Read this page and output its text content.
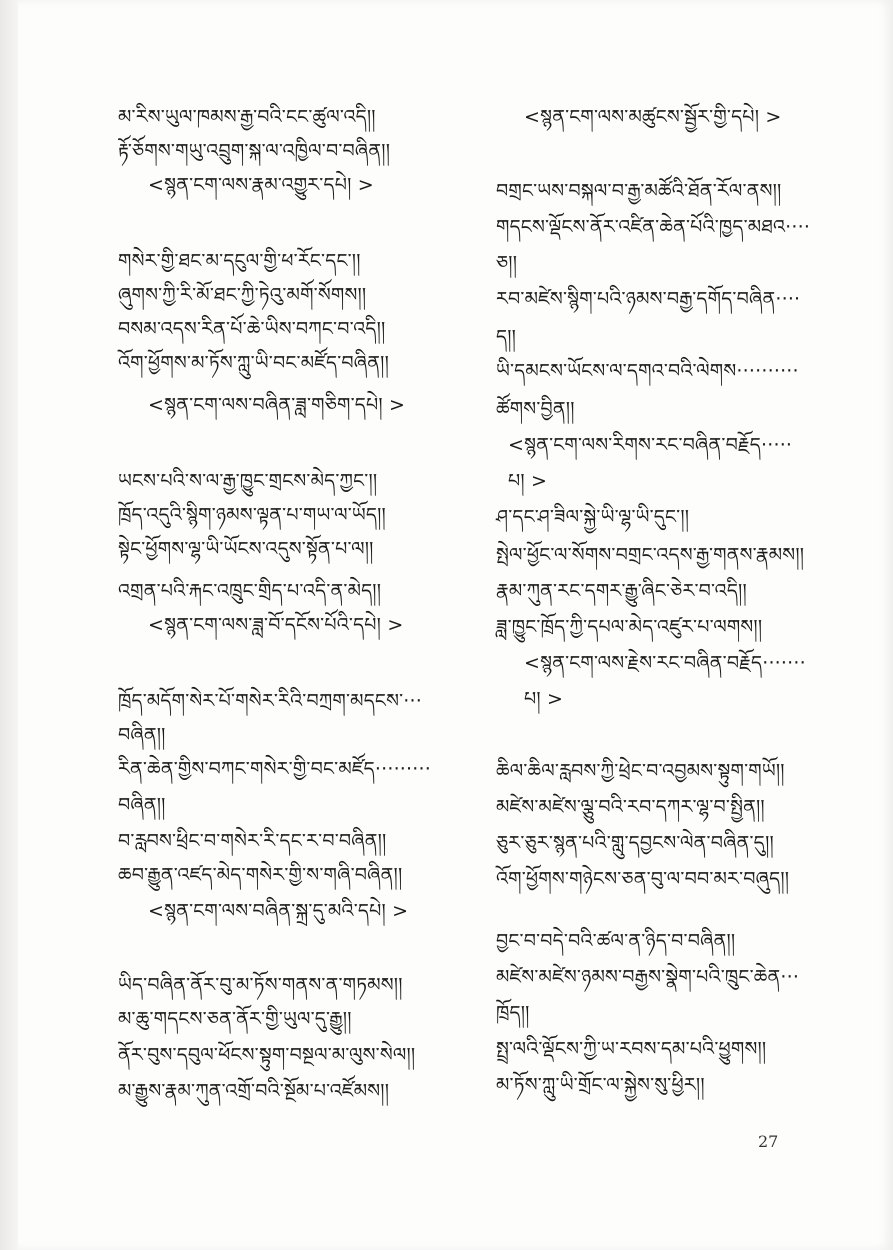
མ་རིས་ཡུལ་ཁམས་རྒྱ་བའི་ངང་ཚུལ་འདི།།
རྟོ་ཅོགས་གཡུ་འབྲུག་སྐ་ལ་འཁྱིལ་བ་བཞིན།།
<སྙན་ངག་ལས་རྣམ་འགྱུར་དཔེ། >
གསེར་གྱི་ཐང་མ་དངུལ་གྱི་ཕ་རོང་དང་།།
ཞུགས་ཀྱི་རི་མོ་ཐང་ཀྱི་ཏེའུ་མགོ་སོགས།།
བསམ་འདས་རིན་པོ་ཆེ་ཡིས་བཀང་བ་འདི།།
འོག་ཕྱོགས་མ་ཏོས་ཀླུ་ཡི་བང་མཛོད་བཞིན།།
<སྙན་ངག་ལས་བཞིན་ཟླ་གཅིག་དཔེ། >
ཡངས་པའི་ས་ལ་རྒྱ་ཁྱུང་གྲངས་མེད་ཀྱང་།།
ཁྲོད་འདུའི་སྙིག་ཉམས་ལྟན་པ་གཡ་ལ་ཡོད།།
སྟེང་ཕྱོགས་ལྷ་ཡི་ཡོངས་འདུས་སྟོན་པ་ལ།།
འགྲན་པའི་རྐང་འཁྲུང་གྲིད་པ་འདི་ན་མེད།།
<སྙན་ངག་ལས་ཟླ་བོ་དངོས་པོའི་དཔེ། >
ཁྲོད་མདོག་སེར་པོ་གསེར་རིའི་བཀྲག་མདངས་···
བཞིན།།
རིན་ཆེན་གྱིས་བཀང་གསེར་གྱི་བང་མཛོད·········
བཞིན།།
བ་རླབས་ཕྲིང་བ་གསེར་རི་དང་ར་བ་བཞིན།།
ཆབ་རྒྱུན་འཛད་མེད་གསེར་གྱི་ས་གཞི་བཞིན།།
<སྙན་ངག་ལས་བཞིན་སྐྲ་དུ་མའི་དཔེ། >
ཡིད་བཞིན་ནོར་བུ་མ་ཏོས་གནས་ན་གཏམས།།
མ་ཆུ་གདངས་ཅན་ནོར་གྱི་ཡུལ་དུ་རྒྱུ།།
ནོར་བུས་དབུལ་ཕོངས་སྟུག་བསྔལ་མ་ལུས་སེལ།།
མ་རྒྱུས་རྣམ་ཀུན་འགྲོ་བའི་སྔོམ་པ་འཛོམས།།
<སྙན་ངག་ལས་མཚུངས་སྦྱོར་གྱི་དཔེ། >
བགྲང་ཡས་བསྐལ་བ་རྒྱ་མཚོའི་ཐོན་རོལ་ནས།།
གདངས་ལྡོངས་ནོར་འཛིན་ཆེན་པོའི་ཁྱད་མཐའ····
ཅ།།
རབ་མཛེས་སྙིག་པའི་ཉམས་བརྒྱ་དགོད་བཞིན····
ད།།
ཡི་དམངས་ཡོངས་ལ་དགའ་བའི་ལེགས··········
ཚོགས་བྱིན།།
<སྙན་ངག་ལས་རིགས་རང་བཞིན་བརྗོད·····
པ། >
ཤ་དང་ཤ་ཟིལ་སྐྱེ་ཡི་ལྷ་ཡི་དུང་།།
སྤེལ་ཕྱོང་ལ་སོགས་བགྲང་འདས་རྒྱ་གནས་རྣམས།།
རྣམ་ཀུན་རང་དགར་རྒྱུ་ཞིང་ཅེར་བ་འདི།།
ཟླ་ཁྱུང་ཁྲོད་ཀྱི་དཔལ་མེད་འཛུར་པ་ལགས།།
<སྙན་ངག་ལས་རྗེས་རང་བཞིན་བརྗོད·······
པ། >
ཆིལ་ཆིལ་རླབས་ཀྱི་ཕྲེང་བ་འབྱམས་སྟུག་གཡོ།།
མཛེས་མཛེས་ལྕུ་བའི་རབ་དཀར་ལྷ་བ་སྤྱིན།།
ཅུར་ཅུར་སྙན་པའི་གླུ་དབྱངས་ལེན་བཞིན་དུ།།
འོག་ཕྱོགས་གཉེངས་ཅན་བུ་ལ་བབ་མར་བཞུད།།
བྱང་བ་བདེ་བའི་ཚལ་ན་ཉིད་བ་བཞིན།།
མཛེས་མཛེས་ཉམས་བརྒྱས་སྣེག་པའི་ཁྲུང་ཆེན···
ཁྲོད།།
སྤྲ་ལའི་ལྡོངས་ཀྱི་ཡ་རབས་དམ་པའི་ཕྱུགས།།
མ་ཏོས་ཀླུ་ཡི་གྲོང་ལ་སྐྱེས་སུ་ཕྱིར།།
27
